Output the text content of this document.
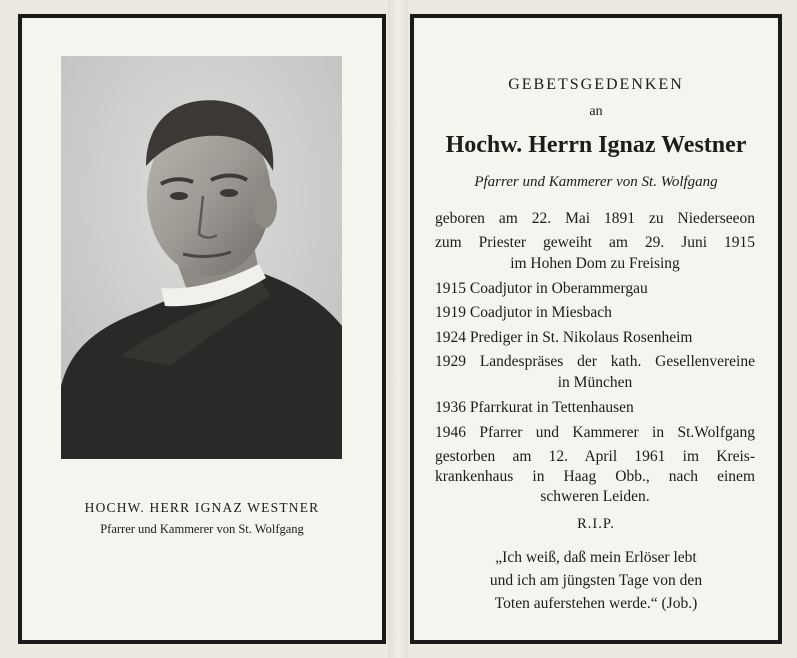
HOCHW. HERR IGNAZ WESTNER
Pfarrer und Kammerer von St. Wolfgang
GEBETSGEDENKEN
an
Hochw. Herrn Ignaz Westner
Pfarrer und Kammerer von St. Wolfgang
geboren am 22. Mai 1891 zu Niederseeon
zum Priester geweiht am 29. Juni 1915
im Hohen Dom zu Freising
1915 Coadjutor in Oberammergau
1919 Coadjutor in Miesbach
1924 Prediger in St. Nikolaus Rosenheim
1929 Landespräses der kath. Gesellenvereine
in München
1936 Pfarrkurat in Tettenhausen
1946 Pfarrer und Kammerer in St.Wolfgang
gestorben am 12. April 1961 im Kreis-
krankenhaus in Haag Obb., nach einem
schweren Leiden.
R.I.P.
„Ich weiß, daß mein Erlöser lebt
und ich am jüngsten Tage von den
Toten auferstehen werde.“ (Job.)
